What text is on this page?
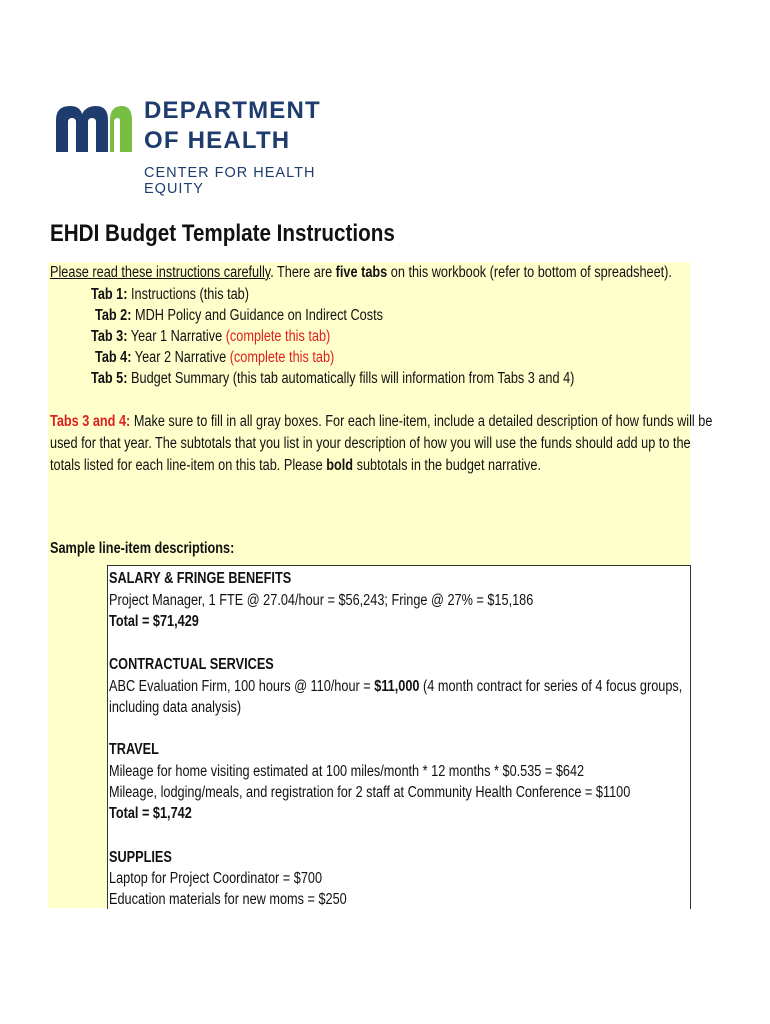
DEPARTMENT
OF HEALTH
CENTER FOR HEALTH EQUITY
EHDI Budget Template Instructions
Please read these instructions carefully. There are five tabs on this workbook (refer to bottom of spreadsheet).
Tab 1: Instructions (this tab)
Tab 2: MDH Policy and Guidance on Indirect Costs
Tab 3: Year 1 Narrative (complete this tab)
Tab 4: Year 2 Narrative (complete this tab)
Tab 5: Budget Summary (this tab automatically fills will information from Tabs 3 and 4)
Tabs 3 and 4: Make sure to fill in all gray boxes. For each line-item, include a detailed description of how funds will be
used for that year. The subtotals that you list in your description of how you will use the funds should add up to the
totals listed for each line-item on this tab. Please bold subtotals in the budget narrative.
Sample line-item descriptions:
SALARY & FRINGE BENEFITS
Project Manager, 1 FTE @ 27.04/hour = $56,243; Fringe @ 27% = $15,186
Total = $71,429
CONTRACTUAL SERVICES
ABC Evaluation Firm, 100 hours @ 110/hour = $11,000 (4 month contract for series of 4 focus groups,
including data analysis)
TRAVEL
Mileage for home visiting estimated at 100 miles/month * 12 months * $0.535 = $642
Mileage, lodging/meals, and registration for 2 staff at Community Health Conference = $1100
Total = $1,742
SUPPLIES
Laptop for Project Coordinator = $700
Education materials for new moms = $250
